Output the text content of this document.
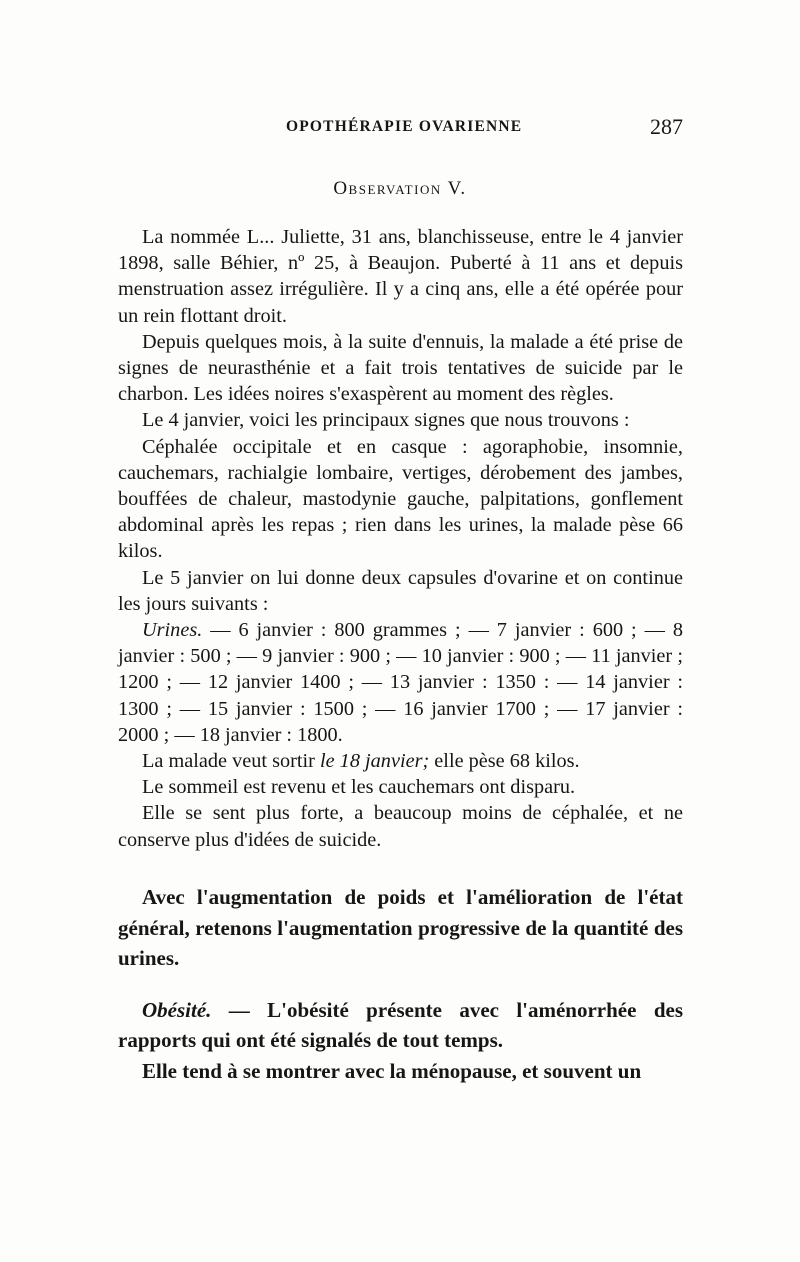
OPOTHÉRAPIE OVARIENNE	287
Observation V.

La nommée L... Juliette, 31 ans, blanchisseuse, entre le 4 janvier 1898, salle Béhier, nº 25, à Beaujon. Puberté à 11 ans et depuis menstruation assez irrégulière. Il y a cinq ans, elle a été opérée pour un rein flottant droit.

Depuis quelques mois, à la suite d'ennuis, la malade a été prise de signes de neurasthénie et a fait trois tentatives de suicide par le charbon. Les idées noires s'exaspèrent au moment des règles.

Le 4 janvier, voici les principaux signes que nous trouvons :

Céphalée occipitale et en casque : agoraphobie, insomnie, cauchemars, rachialgie lombaire, vertiges, dérobement des jambes, bouffées de chaleur, mastodynie gauche, palpitations, gonflement abdominal après les repas ; rien dans les urines, la malade pèse 66 kilos.

Le 5 janvier on lui donne deux capsules d'ovarine et on continue les jours suivants :

Urines. — 6 janvier : 800 grammes ; — 7 janvier : 600 ; — 8 janvier : 500 ; — 9 janvier : 900 ; — 10 janvier : 900 ; — 11 janvier ; 1200 ; — 12 janvier 1400 ; — 13 janvier : 1350 : — 14 janvier : 1300 ; — 15 janvier : 1500 ; — 16 janvier 1700 ; — 17 janvier : 2000 ; — 18 janvier : 1800.

La malade veut sortir le 18 janvier; elle pèse 68 kilos.

Le sommeil est revenu et les cauchemars ont disparu.

Elle se sent plus forte, a beaucoup moins de céphalée, et ne conserve plus d'idées de suicide.

Avec l'augmentation de poids et l'amélioration de l'état général, retenons l'augmentation progressive de la quantité des urines.

Obésité. — L'obésité présente avec l'aménorrhée des rapports qui ont été signalés de tout temps.

Elle tend à se montrer avec la ménopause, et souvent un
